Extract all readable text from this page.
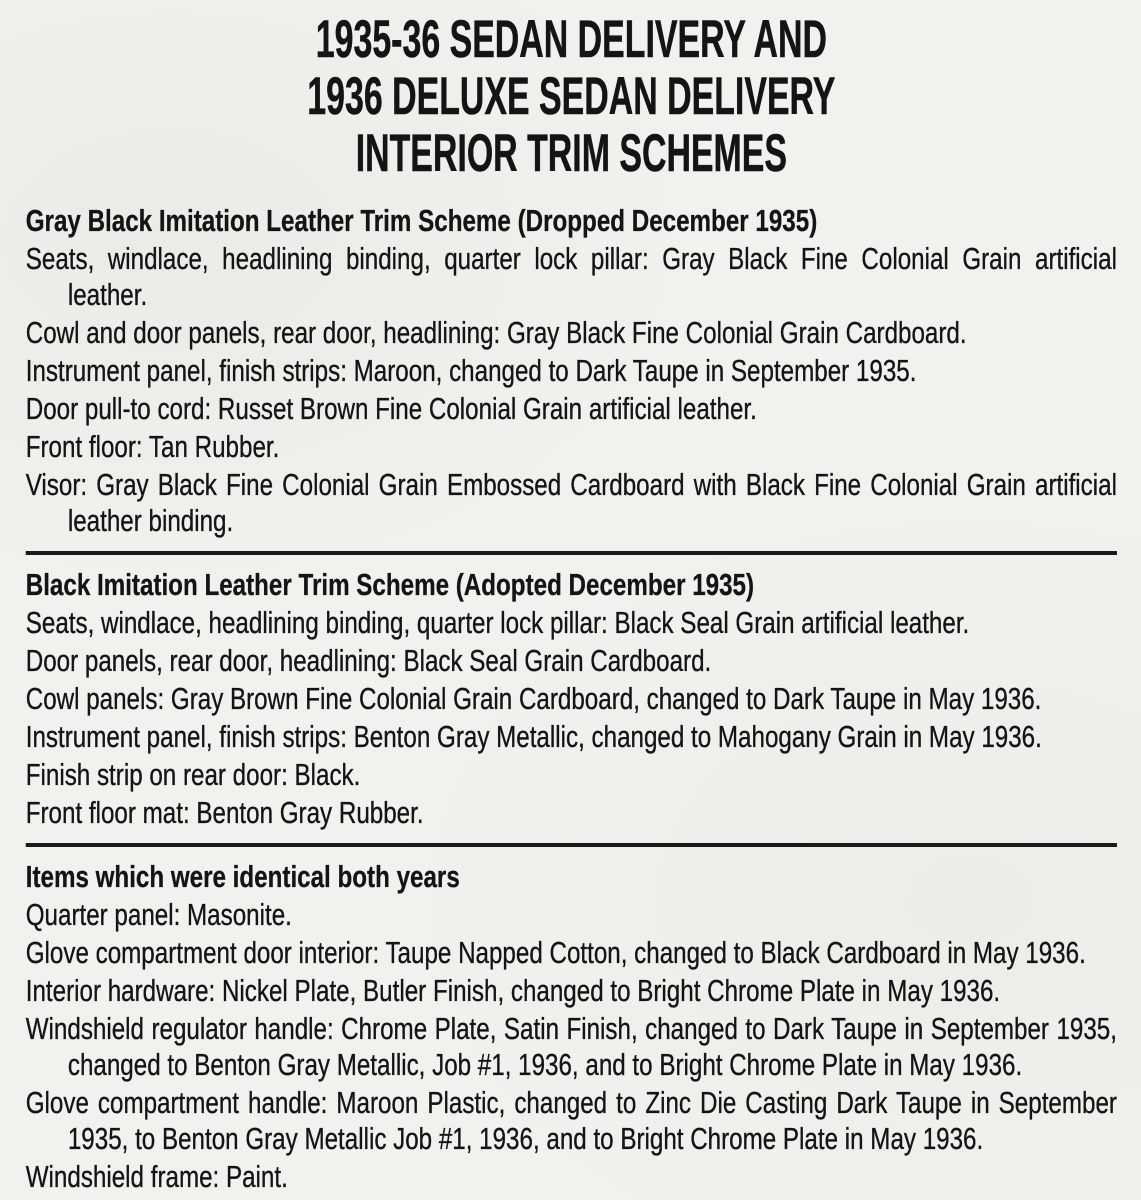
1935-36 SEDAN DELIVERY AND
1936 DELUXE SEDAN DELIVERY
INTERIOR TRIM SCHEMES
Gray Black Imitation Leather Trim Scheme (Dropped December 1935)

Seats, windlace, headlining binding, quarter lock pillar: Gray Black Fine Colonial Grain artificial leather.

Cowl and door panels, rear door, headlining: Gray Black Fine Colonial Grain Cardboard.

Instrument panel, finish strips: Maroon, changed to Dark Taupe in September 1935.

Door pull-to cord: Russet Brown Fine Colonial Grain artificial leather.

Front floor: Tan Rubber.

Visor: Gray Black Fine Colonial Grain Embossed Cardboard with Black Fine Colonial Grain artificial leather binding.

Black Imitation Leather Trim Scheme (Adopted December 1935)

Seats, windlace, headlining binding, quarter lock pillar: Black Seal Grain artificial leather.

Door panels, rear door, headlining: Black Seal Grain Cardboard.

Cowl panels: Gray Brown Fine Colonial Grain Cardboard, changed to Dark Taupe in May 1936.

Instrument panel, finish strips: Benton Gray Metallic, changed to Mahogany Grain in May 1936.

Finish strip on rear door: Black.

Front floor mat: Benton Gray Rubber.

Items which were identical both years

Quarter panel: Masonite.

Glove compartment door interior: Taupe Napped Cotton, changed to Black Cardboard in May 1936.

Interior hardware: Nickel Plate, Butler Finish, changed to Bright Chrome Plate in May 1936.

Windshield regulator handle: Chrome Plate, Satin Finish, changed to Dark Taupe in September 1935, changed to Benton Gray Metallic, Job #1, 1936, and to Bright Chrome Plate in May 1936.

Glove compartment handle: Maroon Plastic, changed to Zinc Die Casting Dark Taupe in September 1935, to Benton Gray Metallic Job #1, 1936, and to Bright Chrome Plate in May 1936.

Windshield frame: Paint.
